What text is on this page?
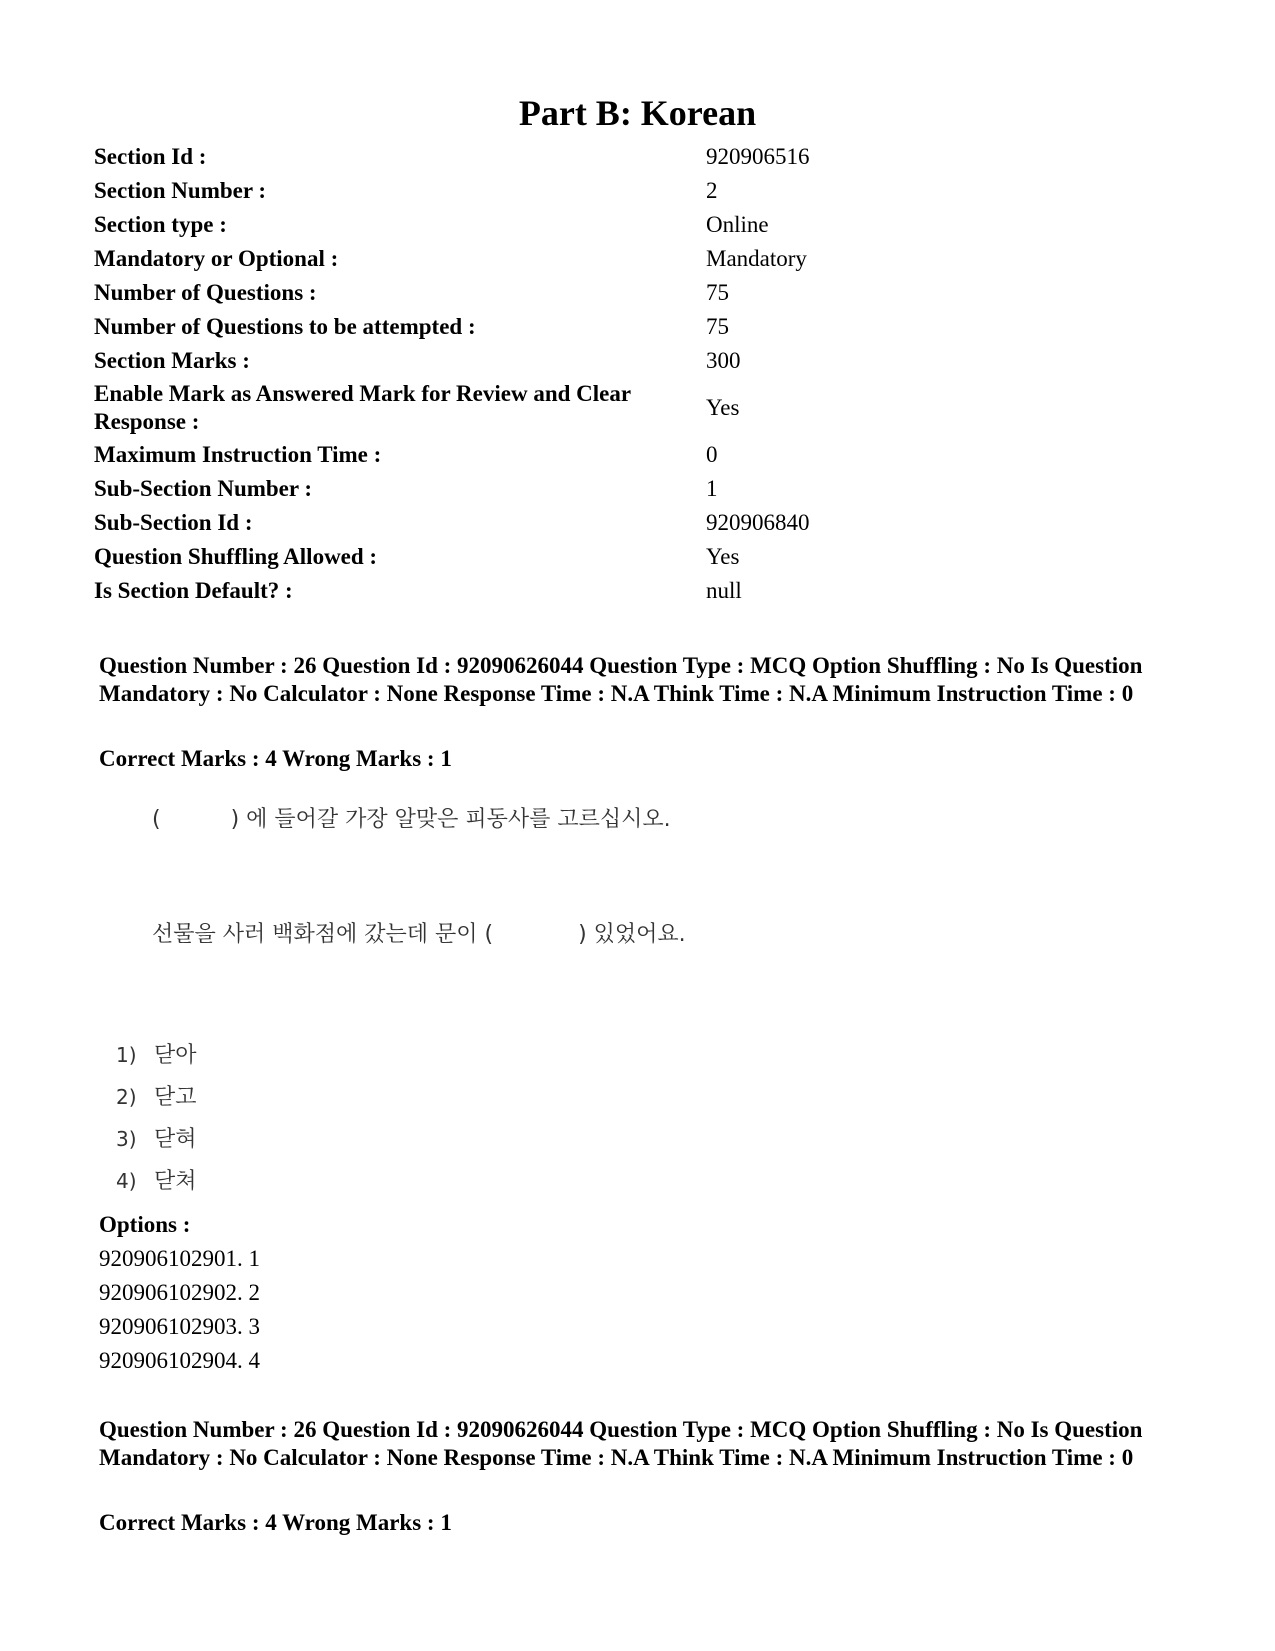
Part B: Korean
Section Id :	920906516
Section Number :	2
Section type :	Online
Mandatory or Optional :	Mandatory
Number of Questions :	75
Number of Questions to be attempted :	75
Section Marks :	300
Enable Mark as Answered Mark for Review and Clear Response :
Yes
Maximum Instruction Time :	0
Sub-Section Number :	1
Sub-Section Id :	920906840
Question Shuffling Allowed :	Yes
Is Section Default? :	null
Question Number : 26 Question Id : 92090626044 Question Type : MCQ Option Shuffling : No Is Question Mandatory : No Calculator : None Response Time : N.A Think Time : N.A Minimum Instruction Time : 0
Correct Marks : 4 Wrong Marks : 1
(	) 에 들어갈 가장 알맞은 피동사를 고르십시오.
선물을 사러 백화점에 갔는데 문이 (	) 있었어요.
1) 닫아
2) 닫고
3) 닫혀
4) 닫쳐
Options :
920906102901. 1
920906102902. 2
920906102903. 3
920906102904. 4
Question Number : 26 Question Id : 92090626044 Question Type : MCQ Option Shuffling : No Is Question Mandatory : No Calculator : None Response Time : N.A Think Time : N.A Minimum Instruction Time : 0
Correct Marks : 4 Wrong Marks : 1
